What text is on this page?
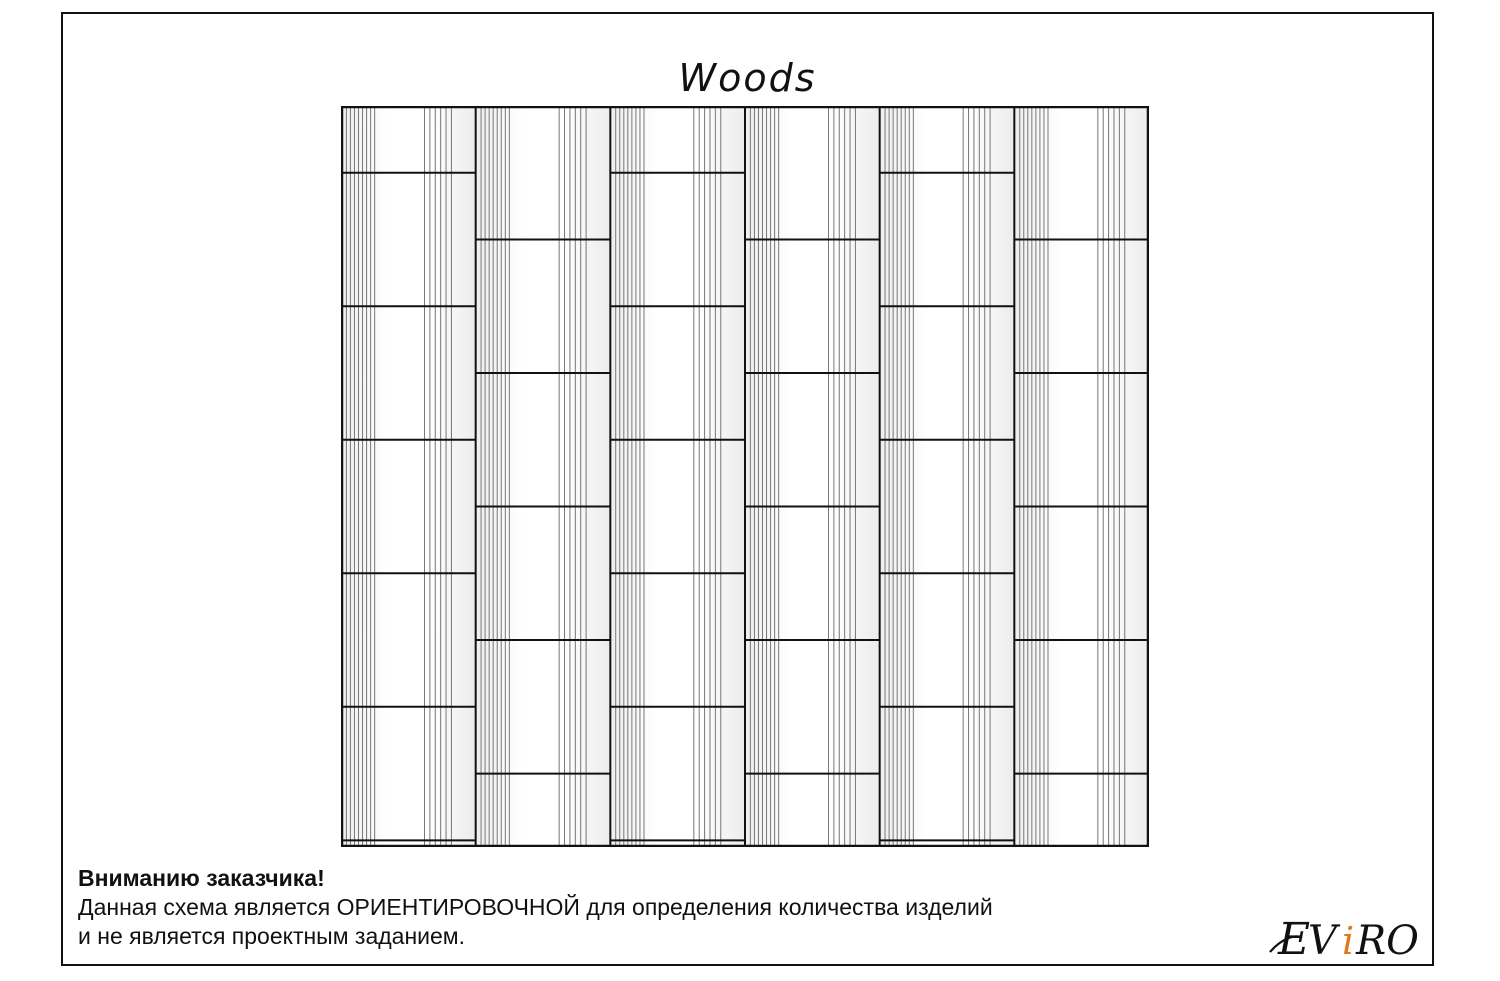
Woods
Вниманию заказчика!
Данная схема является ОРИЕНТИРОВОЧНОЙ для определения количества изделий
и не является проектным заданием.	E
V i RO
